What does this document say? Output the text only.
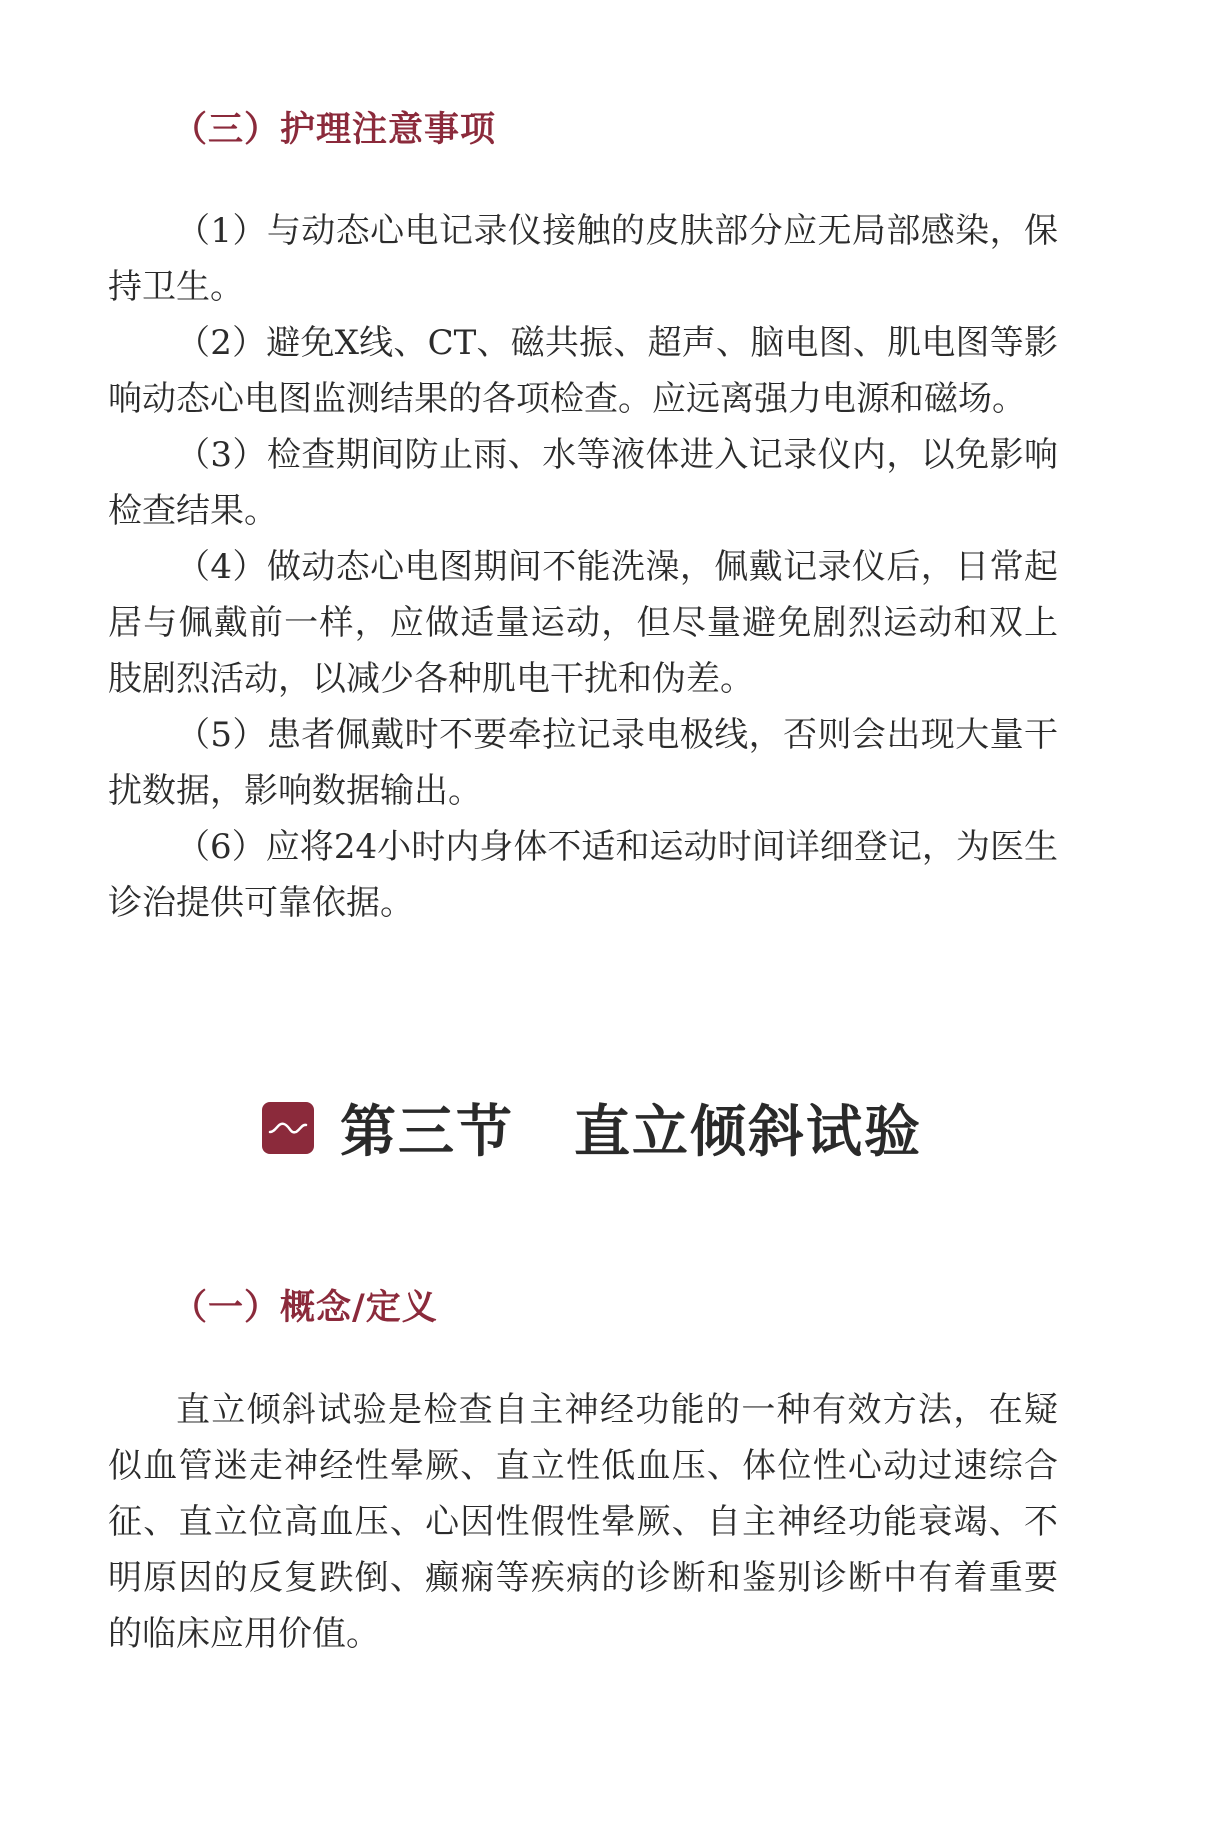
（三）护理注意事项

（1）与动态心电记录仪接触的皮肤部分应无局部感染，保持卫生。

（2）避免X线、CT、磁共振、超声、脑电图、肌电图等影响动态心电图监测结果的各项检查。应远离强力电源和磁场。

（3）检查期间防止雨、水等液体进入记录仪内，以免影响检查结果。

（4）做动态心电图期间不能洗澡，佩戴记录仪后，日常起居与佩戴前一样，应做适量运动，但尽量避免剧烈运动和双上肢剧烈活动，以减少各种肌电干扰和伪差。

（5）患者佩戴时不要牵拉记录电极线，否则会出现大量干扰数据，影响数据输出。

（6）应将24小时内身体不适和运动时间详细登记，为医生诊治提供可靠依据。

第三节 直立倾斜试验
（一）概念/定义

直立倾斜试验是检查自主神经功能的一种有效方法，在疑似血管迷走神经性晕厥、直立性低血压、体位性心动过速综合征、直立位高血压、心因性假性晕厥、自主神经功能衰竭、不明原因的反复跌倒、癫痫等疾病的诊断和鉴别诊断中有着重要的临床应用价值。
